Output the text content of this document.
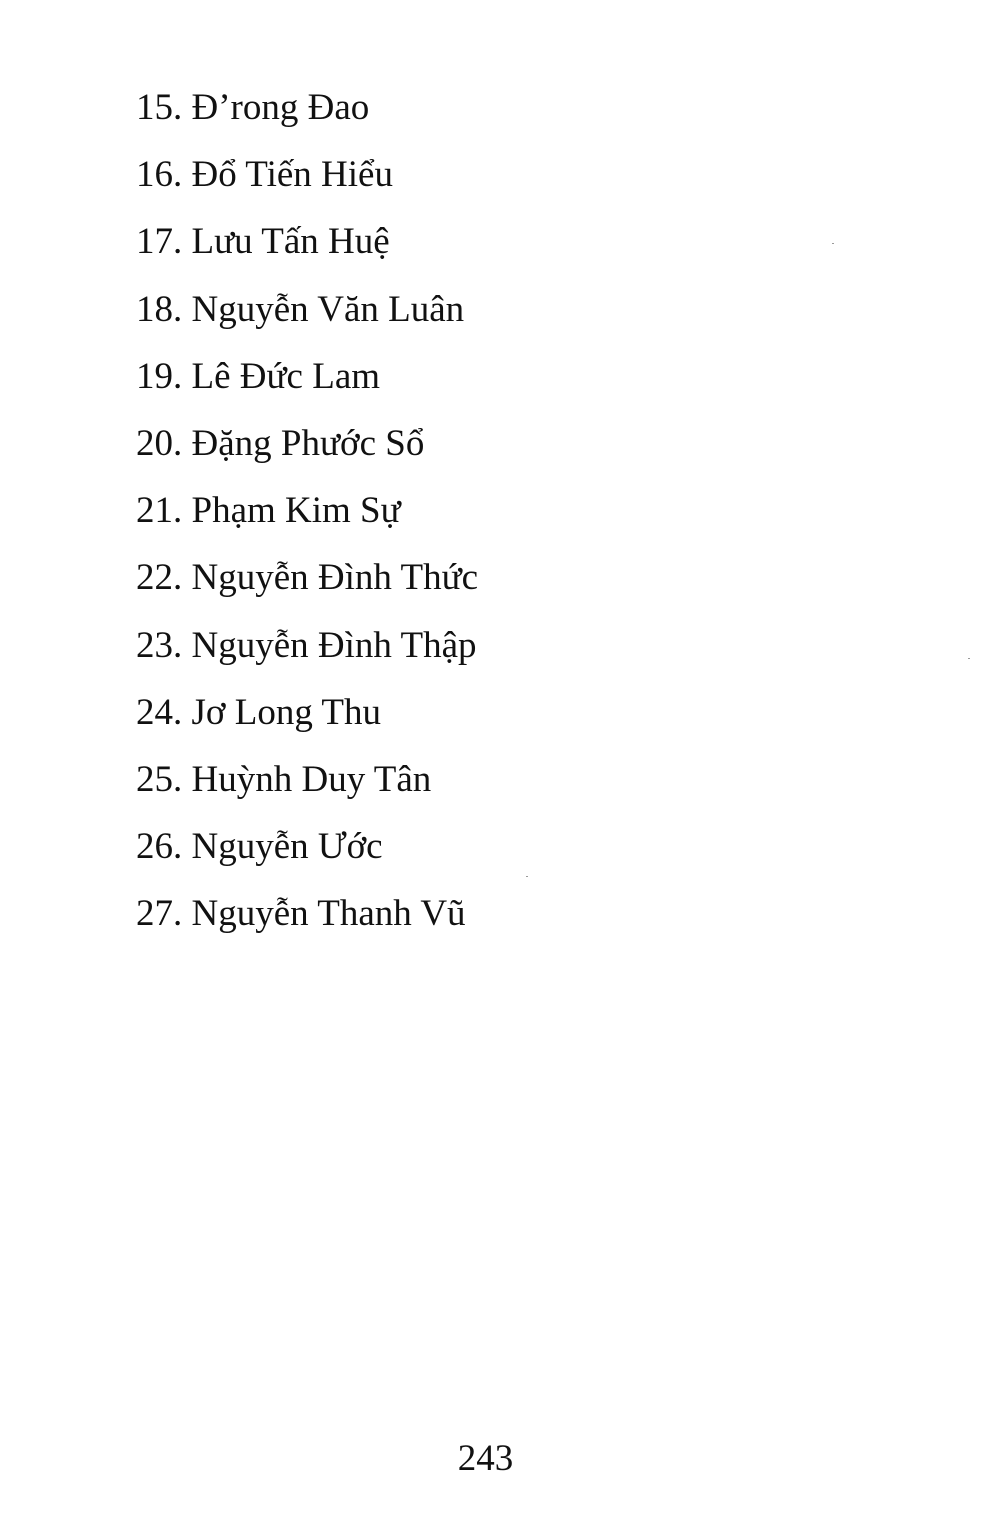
15. Đ’rong Đao
16. Đổ Tiến Hiểu
17. Lưu Tấn Huệ
18. Nguyễn Văn Luân
19. Lê Đức Lam
20. Đặng Phước Sổ
21. Phạm Kim Sự
22. Nguyễn Đình Thức
23. Nguyễn Đình Thập
24. Jơ Long Thu
25. Huỳnh Duy Tân
26. Nguyễn Ước
27. Nguyễn Thanh Vũ
243
